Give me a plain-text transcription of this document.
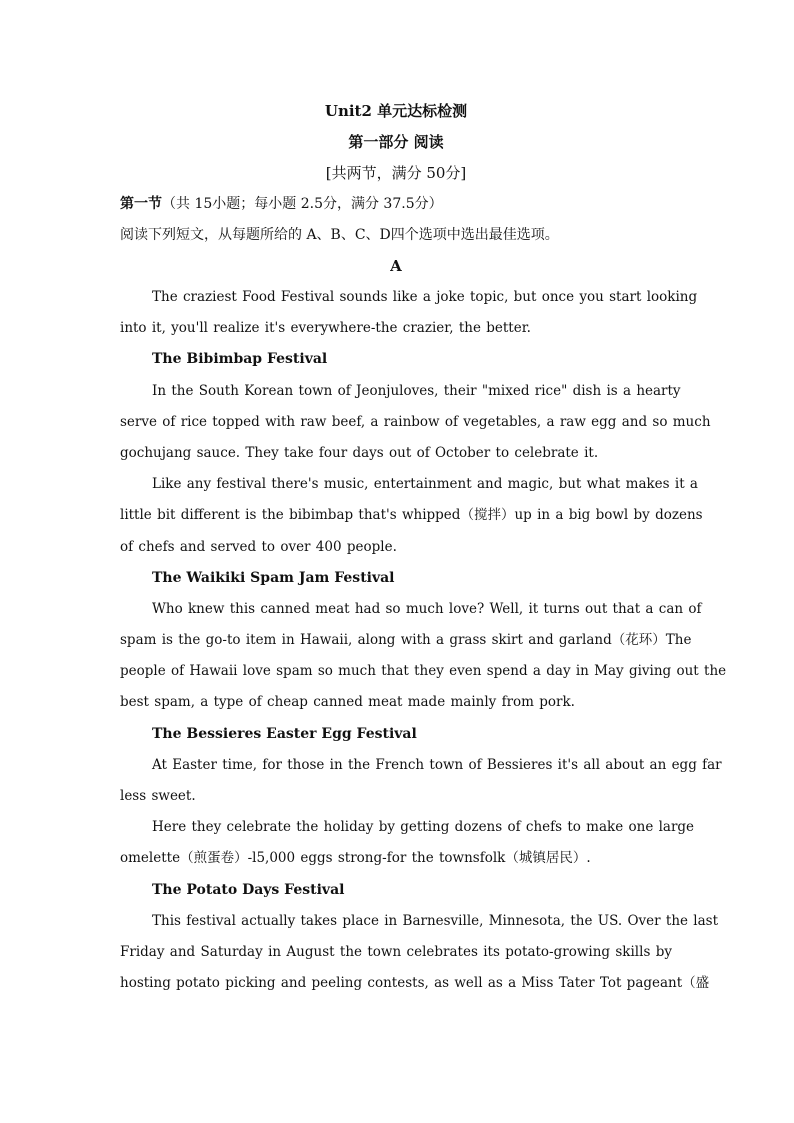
Unit2 单元达标检测
第一部分 阅读
[共两节，满分 50分]
第一节（共 15小题；每小题 2.5分，满分 37.5分）
阅读下列短文，从每题所给的 A、B、C、D四个选项中选出最佳选项。
A
The craziest Food Festival sounds like a joke topic, but once you start looking
into it, you'll realize it's everywhere-the crazier, the better.
The Bibimbap Festival
In the South Korean town of Jeonjuloves, their "mixed rice" dish is a hearty
serve of rice topped with raw beef, a rainbow of vegetables, a raw egg and so much
gochujang sauce. They take four days out of October to celebrate it.
Like any festival there's music, entertainment and magic, but what makes it a
little bit different is the bibimbap that's whipped（搅拌）up in a big bowl by dozens
of chefs and served to over 400 people.
The Waikiki Spam Jam Festival
Who knew this canned meat had so much love? Well, it turns out that a can of
spam is the go-to item in Hawaii, along with a grass skirt and garland（花环）The
people of Hawaii love spam so much that they even spend a day in May giving out the
best spam, a type of cheap canned meat made mainly from pork.
The Bessieres Easter Egg Festival
At Easter time, for those in the French town of Bessieres it's all about an egg far
less sweet.
Here they celebrate the holiday by getting dozens of chefs to make one large
omelette（煎蛋卷）-l5,000 eggs strong-for the townsfolk（城镇居民）.
The Potato Days Festival
This festival actually takes place in Barnesville, Minnesota, the US. Over the last
Friday and Saturday in August the town celebrates its potato-growing skills by
hosting potato picking and peeling contests, as well as a Miss Tater Tot pageant（盛
